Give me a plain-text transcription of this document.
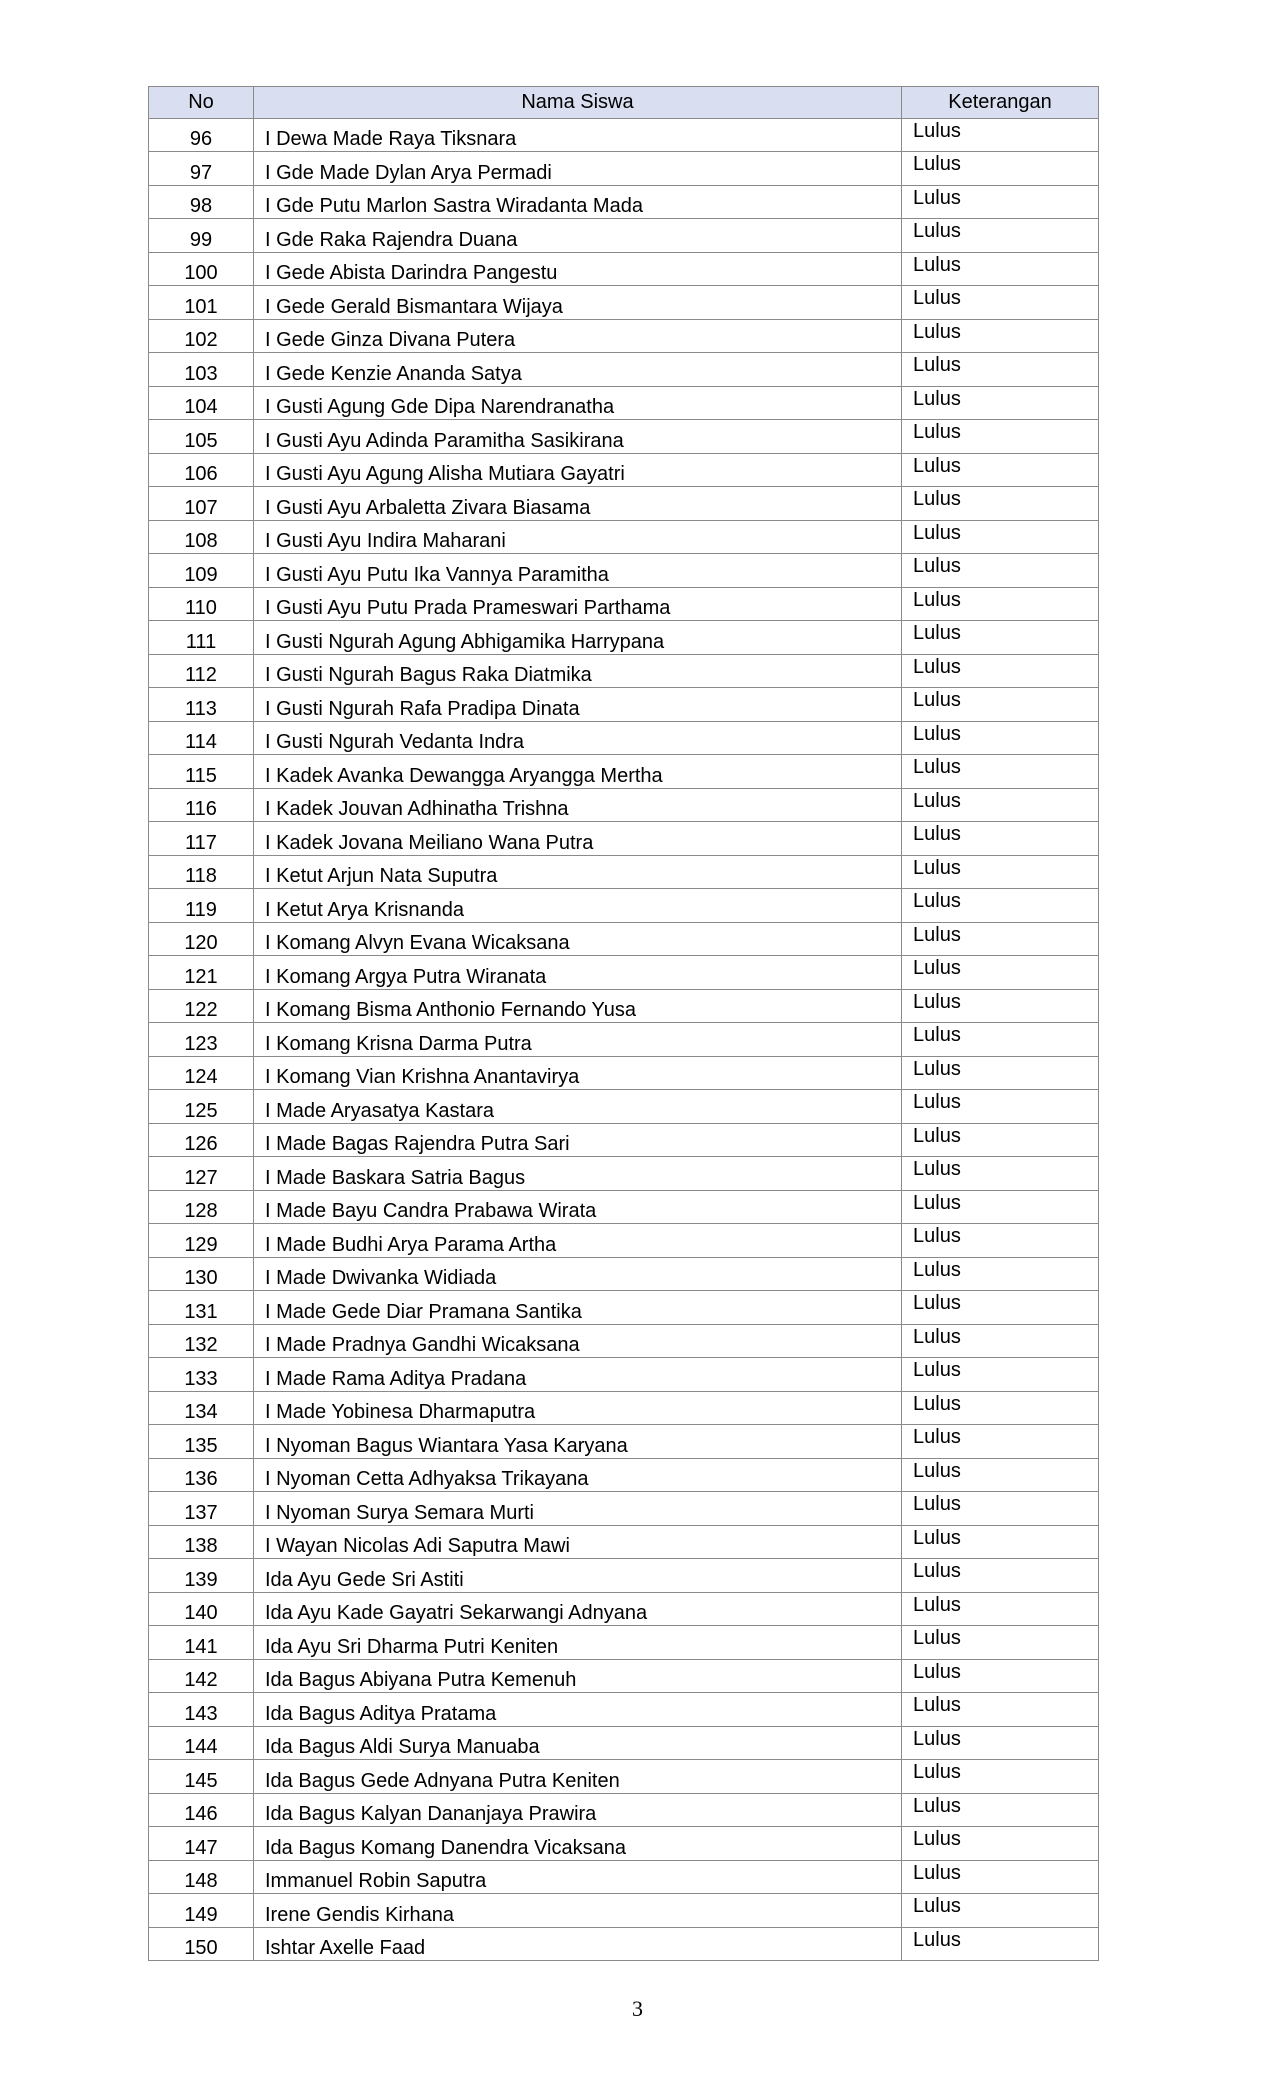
No	Nama Siswa	Keterangan
96	I Dewa Made Raya Tiksnara	Lulus
97	I Gde Made Dylan Arya Permadi	Lulus
98	I Gde Putu Marlon Sastra Wiradanta Mada	Lulus
99	I Gde Raka Rajendra Duana	Lulus
100	I Gede Abista Darindra Pangestu	Lulus
101	I Gede Gerald Bismantara Wijaya	Lulus
102	I Gede Ginza Divana Putera	Lulus
103	I Gede Kenzie Ananda Satya	Lulus
104	I Gusti Agung Gde Dipa Narendranatha	Lulus
105	I Gusti Ayu Adinda Paramitha Sasikirana	Lulus
106	I Gusti Ayu Agung Alisha Mutiara Gayatri	Lulus
107	I Gusti Ayu Arbaletta Zivara Biasama	Lulus
108	I Gusti Ayu Indira Maharani	Lulus
109	I Gusti Ayu Putu Ika Vannya Paramitha	Lulus
110	I Gusti Ayu Putu Prada Prameswari Parthama	Lulus
111	I Gusti Ngurah Agung Abhigamika Harrypana	Lulus
112	I Gusti Ngurah Bagus Raka Diatmika	Lulus
113	I Gusti Ngurah Rafa Pradipa Dinata	Lulus
114	I Gusti Ngurah Vedanta Indra	Lulus
115	I Kadek Avanka Dewangga Aryangga Mertha	Lulus
116	I Kadek Jouvan Adhinatha Trishna	Lulus
117	I Kadek Jovana Meiliano Wana Putra	Lulus
118	I Ketut Arjun Nata Suputra	Lulus
119	I Ketut Arya Krisnanda	Lulus
120	I Komang Alvyn Evana Wicaksana	Lulus
121	I Komang Argya Putra Wiranata	Lulus
122	I Komang Bisma Anthonio Fernando Yusa	Lulus
123	I Komang Krisna Darma Putra	Lulus
124	I Komang Vian Krishna Anantavirya	Lulus
125	I Made Aryasatya Kastara	Lulus
126	I Made Bagas Rajendra Putra Sari	Lulus
127	I Made Baskara Satria Bagus	Lulus
128	I Made Bayu Candra Prabawa Wirata	Lulus
129	I Made Budhi Arya Parama Artha	Lulus
130	I Made Dwivanka Widiada	Lulus
131	I Made Gede Diar Pramana Santika	Lulus
132	I Made Pradnya Gandhi Wicaksana	Lulus
133	I Made Rama Aditya Pradana	Lulus
134	I Made Yobinesa Dharmaputra	Lulus
135	I Nyoman Bagus Wiantara Yasa Karyana	Lulus
136	I Nyoman Cetta Adhyaksa Trikayana	Lulus
137	I Nyoman Surya Semara Murti	Lulus
138	I Wayan Nicolas Adi Saputra Mawi	Lulus
139	Ida Ayu Gede Sri Astiti	Lulus
140	Ida Ayu Kade Gayatri Sekarwangi Adnyana	Lulus
141	Ida Ayu Sri Dharma Putri Keniten	Lulus
142	Ida Bagus Abiyana Putra Kemenuh	Lulus
143	Ida Bagus Aditya Pratama	Lulus
144	Ida Bagus Aldi Surya Manuaba	Lulus
145	Ida Bagus Gede Adnyana Putra Keniten	Lulus
146	Ida Bagus Kalyan Dananjaya Prawira	Lulus
147	Ida Bagus Komang Danendra Vicaksana	Lulus
148	Immanuel Robin Saputra	Lulus
149	Irene Gendis Kirhana	Lulus
150	Ishtar Axelle Faad	Lulus
3
